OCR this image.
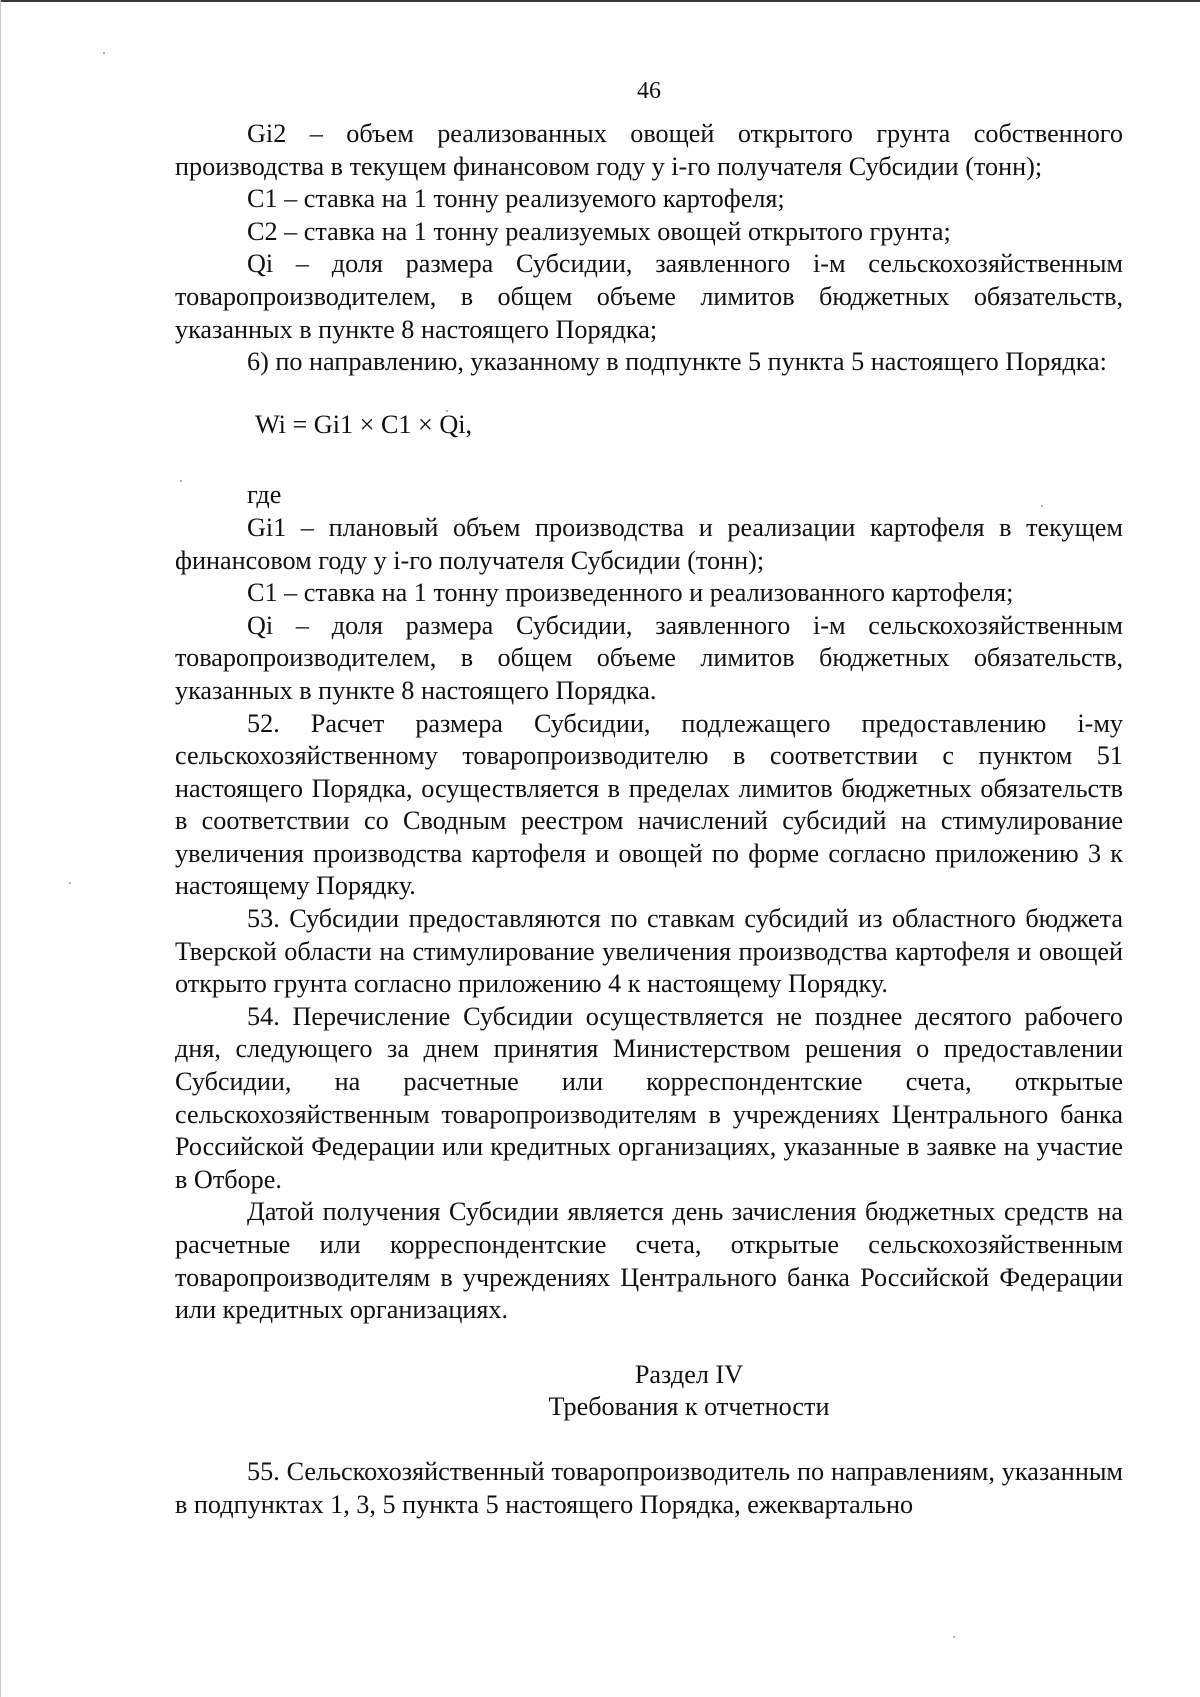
46

Gi2 – объем реализованных овощей открытого грунта собственного производства в текущем финансовом году у i-го получателя Субсидии (тонн);

С1 – ставка на 1 тонну реализуемого картофеля;

С2 – ставка на 1 тонну реализуемых овощей открытого грунта;

Qi – доля размера Субсидии, заявленного i-м сельскохозяйственным товаропроизводителем, в общем объеме лимитов бюджетных обязательств, указанных в пункте 8 настоящего Порядка;

6) по направлению, указанному в подпункте 5 пункта 5 настоящего Порядка:

Wi = Gi1 × C1 × Qi,

где

Gi1 – плановый объем производства и реализации картофеля в текущем финансовом году у i-го получателя Субсидии (тонн);

С1 – ставка на 1 тонну произведенного и реализованного картофеля;

Qi – доля размера Субсидии, заявленного i-м сельскохозяйственным товаропроизводителем, в общем объеме лимитов бюджетных обязательств, указанных в пункте 8 настоящего Порядка.

52. Расчет размера Субсидии, подлежащего предоставлению i-му сельскохозяйственному товаропроизводителю в соответствии с пунктом 51 настоящего Порядка, осуществляется в пределах лимитов бюджетных обязательств в соответствии со Сводным реестром начислений субсидий на стимулирование увеличения производства картофеля и овощей по форме согласно приложению 3 к настоящему Порядку.

53. Субсидии предоставляются по ставкам субсидий из областного бюджета Тверской области на стимулирование увеличения производства картофеля и овощей открыто грунта согласно приложению 4 к настоящему Порядку.

54. Перечисление Субсидии осуществляется не позднее десятого рабочего дня, следующего за днем принятия Министерством решения о предоставлении Субсидии, на расчетные или корреспондентские счета, открытые сельскохозяйственным товаропроизводителям в учреждениях Центрального банка Российской Федерации или кредитных организациях, указанные в заявке на участие в Отборе.

Датой получения Субсидии является день зачисления бюджетных средств на расчетные или корреспондентские счета, открытые сельскохозяйственным товаропроизводителям в учреждениях Центрального банка Российской Федерации или кредитных организациях.

Раздел IV

Требования к отчетности

55. Сельскохозяйственный товаропроизводитель по направлениям, указанным в подпунктах 1, 3, 5 пункта 5 настоящего Порядка, ежеквартально
